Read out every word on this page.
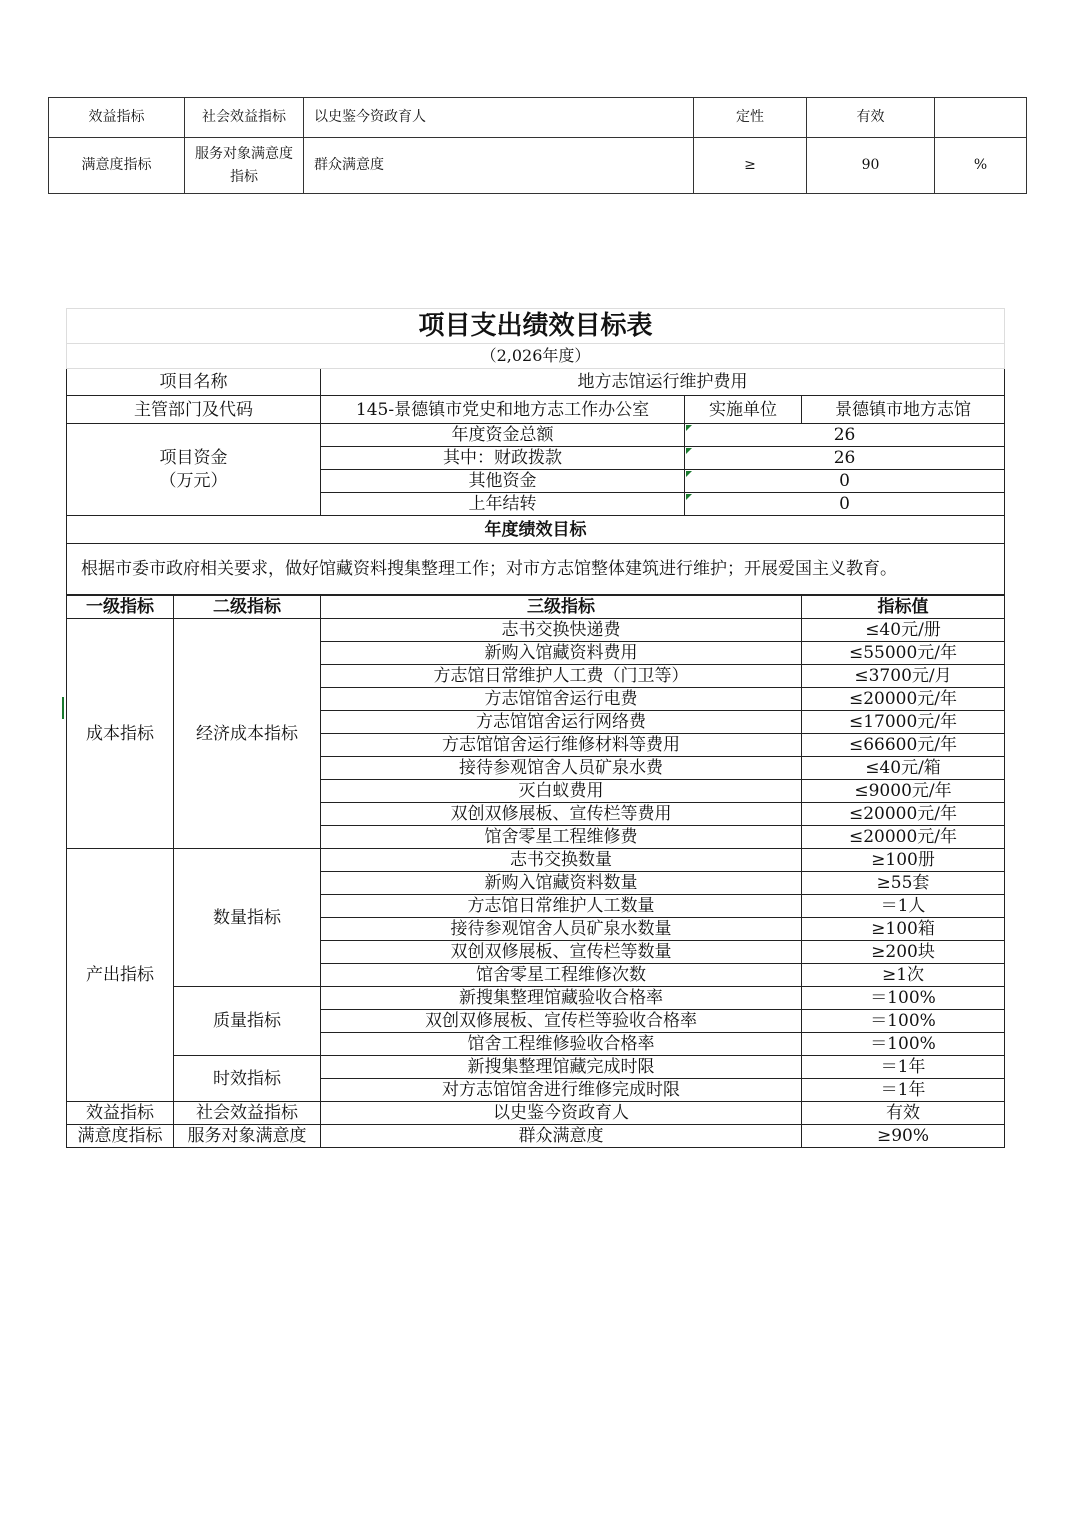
效益指标	社会效益指标	以史鉴今资政育人	定性	有效	
满意度指标	服务对象满意度指标	群众满意度	≥	90	%
项目支出绩效目标表			
（2,026年度）			
项目名称	地方志馆运行维护费用		
主管部门及代码	145-景德镇市党史和地方志工作办公室	实施单位	景德镇市地方志馆

项目资金
（万元）	年度资金总额	26	
	其中：财政拨款	26	
	其他资金	0	
	上年结转	0	
年度绩效目标			
根据市委市政府相关要求，做好馆藏资料搜集整理工作；对市方志馆整体建筑进行维护；开展爱国主义教育。			
一级指标	二级指标	三级指标	指标值
成本指标	经济成本指标	志书交换快递费	≤40元/册
		新购入馆藏资料费用	≤55000元/年
		方志馆日常维护人工费（门卫等）	≤3700元/月
		方志馆馆舍运行电费	≤20000元/年
		方志馆馆舍运行网络费	≤17000元/年
		方志馆馆舍运行维修材料等费用	≤66600元/年
		接待参观馆舍人员矿泉水费	≤40元/箱
		灭白蚁费用	≤9000元/年
		双创双修展板、宣传栏等费用	≤20000元/年
		馆舍零星工程维修费	≤20000元/年
产出指标	数量指标	志书交换数量	≥100册
		新购入馆藏资料数量	≥55套
		方志馆日常维护人工数量	＝1人
		接待参观馆舍人员矿泉水数量	≥100箱
		双创双修展板、宣传栏等数量	≥200块
		馆舍零星工程维修次数	≥1次
	质量指标	新搜集整理馆藏验收合格率	＝100%
		双创双修展板、宣传栏等验收合格率	＝100%
		馆舍工程维修验收合格率	＝100%
	时效指标	新搜集整理馆藏完成时限	＝1年
		对方志馆馆舍进行维修完成时限	＝1年
效益指标	社会效益指标	以史鉴今资政育人	有效
满意度指标	服务对象满意度	群众满意度	≥90%
